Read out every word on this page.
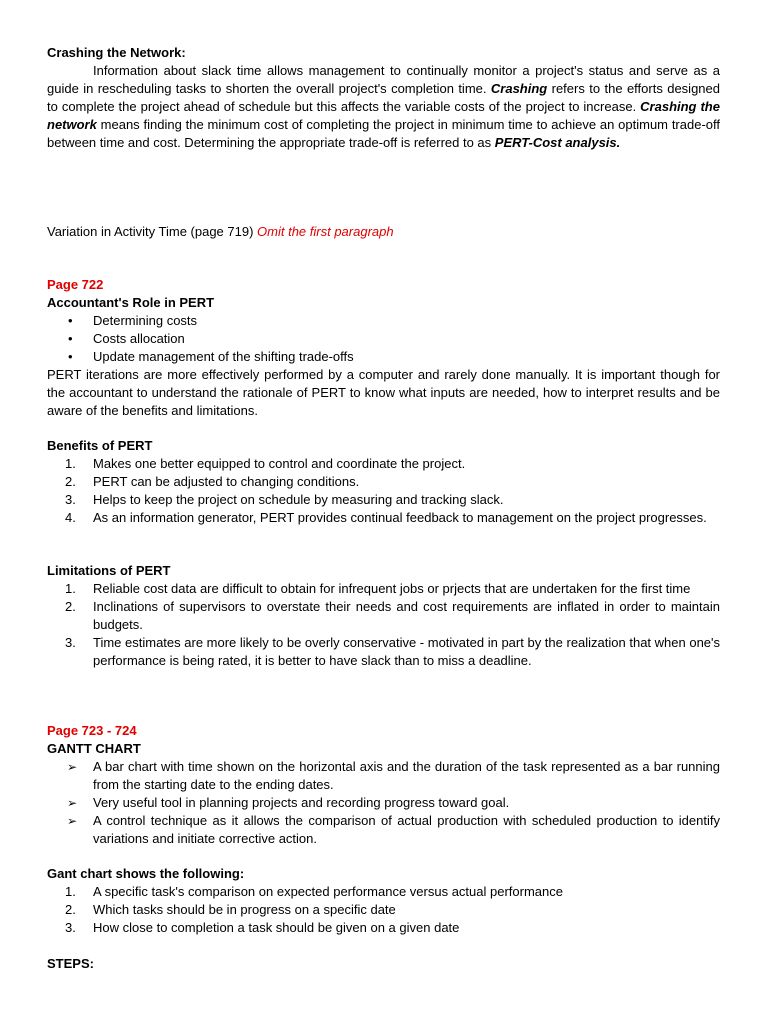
Crashing the Network:

Information about slack time allows management to continually monitor a project's status and serve as a guide in rescheduling tasks to shorten the overall project's completion time. Crashing refers to the efforts designed to complete the project ahead of schedule but this affects the variable costs of the project to increase. Crashing the network means finding the minimum cost of completing the project in minimum time to achieve an optimum trade-off between time and cost. Determining the appropriate trade-off is referred to as PERT-Cost analysis.

Variation in Activity Time (page 719) Omit the first paragraph

Page 722

Accountant's Role in PERT

•	Determining costs
•	Costs allocation
•	Update management of the shifting trade-offs

PERT iterations are more effectively performed by a computer and rarely done manually. It is important though for the accountant to understand the rationale of PERT to know what inputs are needed, how to interpret results and be aware of the benefits and limitations.

Benefits of PERT

1.	Makes one better equipped to control and coordinate the project.
2.	PERT can be adjusted to changing conditions.
3.	Helps to keep the project on schedule by measuring and tracking slack.
4.	As an information generator, PERT provides continual feedback to management on the project progresses.

Limitations of PERT

1.	Reliable cost data are difficult to obtain for infrequent jobs or prjects that are undertaken for the first time
2.	Inclinations of supervisors to overstate their needs and cost requirements are inflated in order to maintain budgets.
3.	Time estimates are more likely to be overly conservative - motivated in part by the realization that when one's performance is being rated, it is better to have slack than to miss a deadline.

Page 723 - 724

GANTT CHART

➢	A bar chart with time shown on the horizontal axis and the duration of the task represented as a bar running from the starting date to the ending dates.
➢	Very useful tool in planning projects and recording progress toward goal.
➢	A control technique as it allows the comparison of actual production with scheduled production to identify variations and initiate corrective action.

Gant chart shows the following:

1.	A specific task's comparison on expected performance versus actual performance
2.	Which tasks should be in progress on a specific date
3.	How close to completion a task should be given on a given date

STEPS:
